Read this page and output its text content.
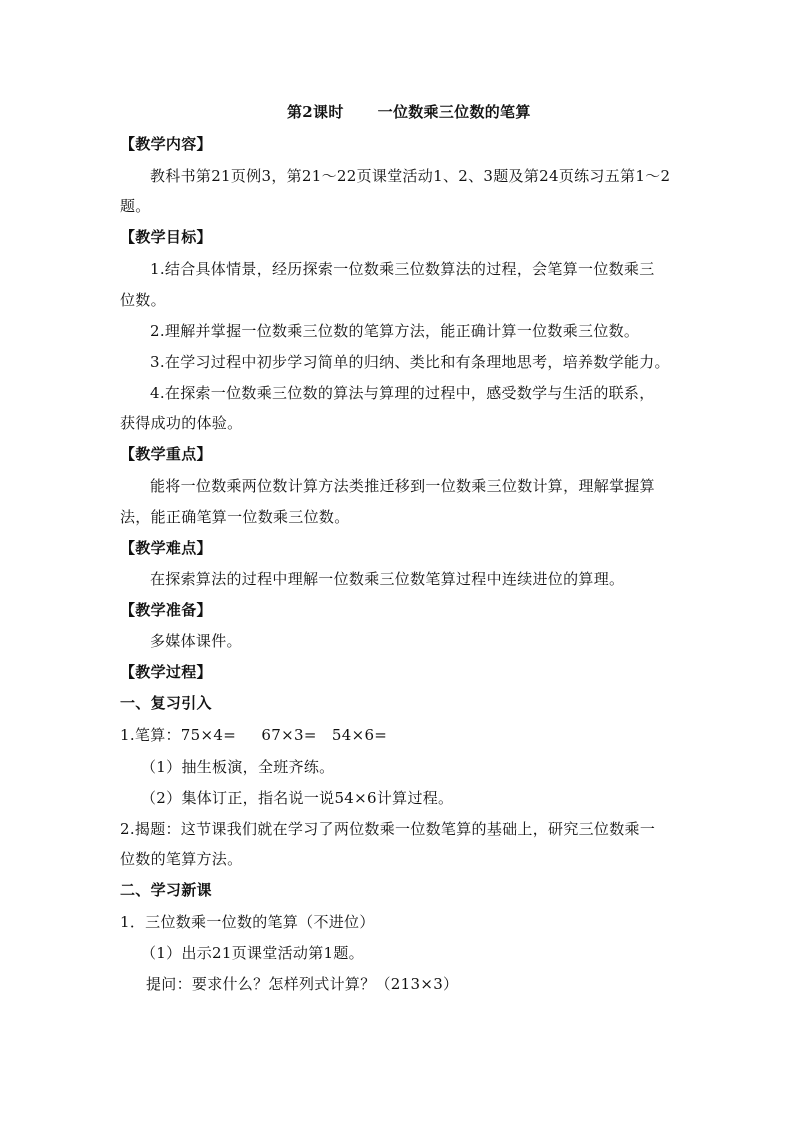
第2课时 一位数乘三位数的笔算
【教学内容】
教科书第21页例3，第21～22页课堂活动1、2、3题及第24页练习五第1～2
题。
【教学目标】
1.结合具体情景，经历探索一位数乘三位数算法的过程，会笔算一位数乘三
位数。
2.理解并掌握一位数乘三位数的笔算方法，能正确计算一位数乘三位数。
3.在学习过程中初步学习简单的归纳、类比和有条理地思考，培养数学能力。
4.在探索一位数乘三位数的算法与算理的过程中，感受数学与生活的联系，
获得成功的体验。
【教学重点】
能将一位数乘两位数计算方法类推迁移到一位数乘三位数计算，理解掌握算
法，能正确笔算一位数乘三位数。
【教学难点】
在探索算法的过程中理解一位数乘三位数笔算过程中连续进位的算理。
【教学准备】
多媒体课件。
【教学过程】
一、复习引入
1.笔算：75×4=     67×3=   54×6=
（1）抽生板演，全班齐练。
（2）集体订正，指名说一说54×6计算过程。
2.揭题：这节课我们就在学习了两位数乘一位数笔算的基础上，研究三位数乘一
位数的笔算方法。
二、学习新课
1．三位数乘一位数的笔算（不进位）
（1）出示21页课堂活动第1题。
提问：要求什么？怎样列式计算？（213×3）
